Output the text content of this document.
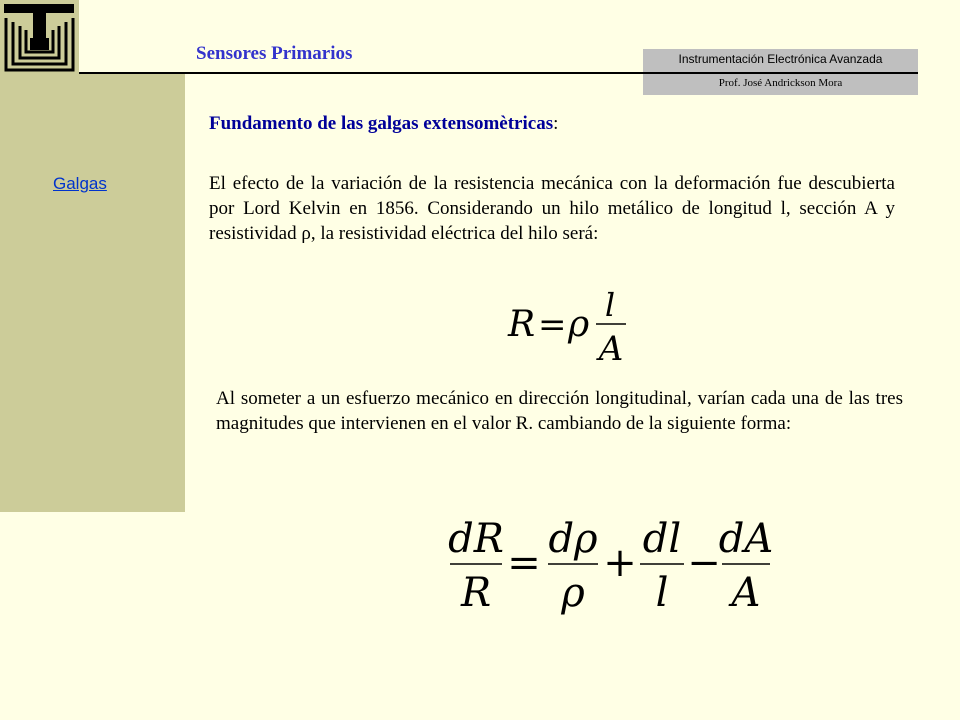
Sensores Primarios	Instrumentación Electrónica Avanzada
Prof. José Andrickson Mora
Galgas
Fundamento de las galgas extensomètricas:
El efecto de la variación de la resistencia mecánica con la deformación fue descubierta por Lord Kelvin en 1856. Considerando un hilo metálico de longitud l, sección A y resistividad ρ, la resistividad eléctrica del hilo será:
R = ρ l
A
Al someter a un esfuerzo mecánico en dirección longitudinal, varían cada una de las tres magnitudes que intervienen en el valor R. cambiando de la siguiente forma:
dR
R
=
dρ
ρ
+
dl
l
−
dA
A
